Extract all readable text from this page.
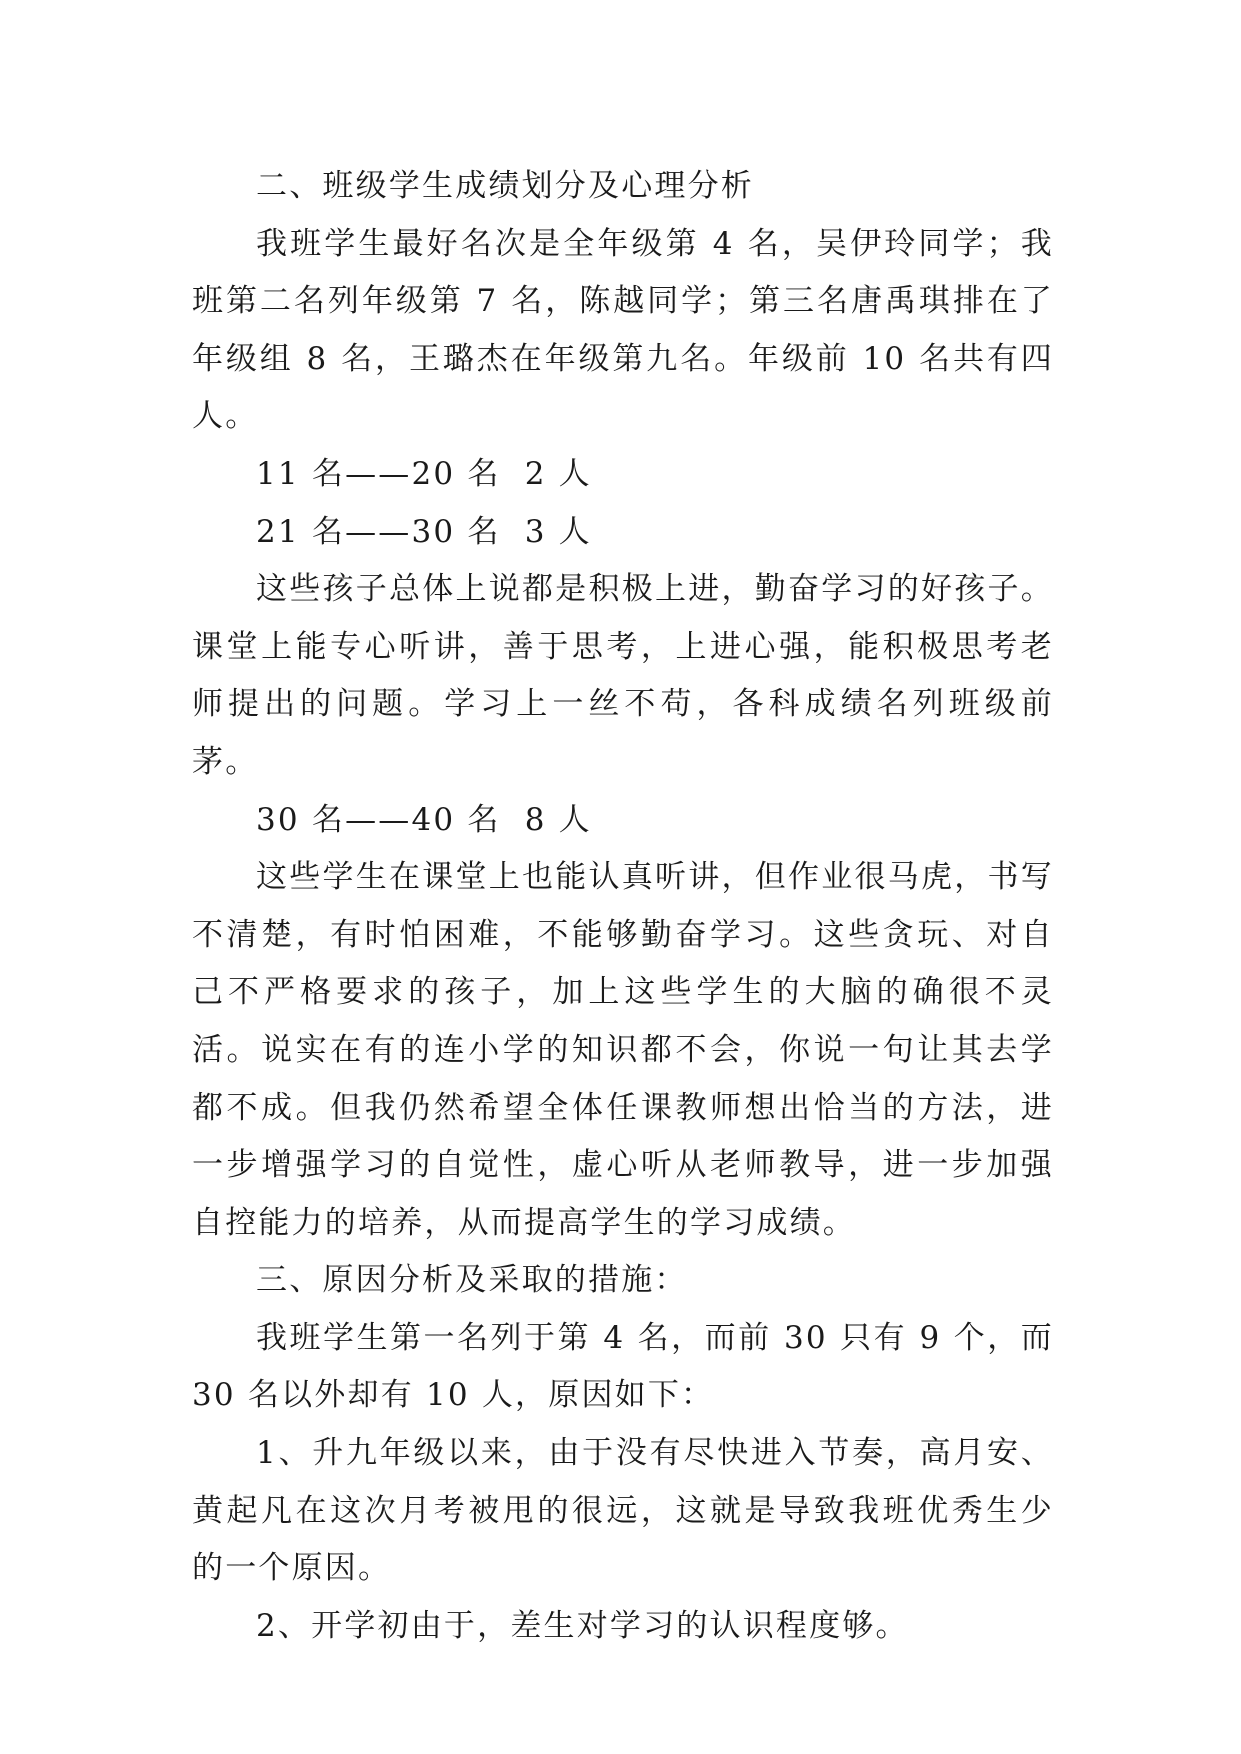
二、班级学生成绩划分及心理分析

我班学生最好名次是全年级第 4 名，吴伊玲同学；我班第二名列年级第 7 名，陈越同学；第三名唐禹琪排在了年级组 8 名，王璐杰在年级第九名。年级前 10 名共有四人。

11 名——20 名  2 人

21 名——30 名  3 人

这些孩子总体上说都是积极上进，勤奋学习的好孩子。课堂上能专心听讲，善于思考，上进心强，能积极思考老师提出的问题。学习上一丝不苟，各科成绩名列班级前茅。

30 名——40 名  8 人

这些学生在课堂上也能认真听讲，但作业很马虎，书写不清楚，有时怕困难，不能够勤奋学习。这些贪玩、对自己不严格要求的孩子，加上这些学生的大脑的确很不灵活。说实在有的连小学的知识都不会，你说一句让其去学都不成。但我仍然希望全体任课教师想出恰当的方法，进一步增强学习的自觉性，虚心听从老师教导，进一步加强自控能力的培养，从而提高学生的学习成绩。

三、原因分析及采取的措施：

我班学生第一名列于第 4 名，而前 30 只有 9 个，而 30 名以外却有 10 人，原因如下：

1、升九年级以来，由于没有尽快进入节奏，高月安、黄起凡在这次月考被甩的很远，这就是导致我班优秀生少的一个原因。

2、开学初由于，差生对学习的认识程度够。
